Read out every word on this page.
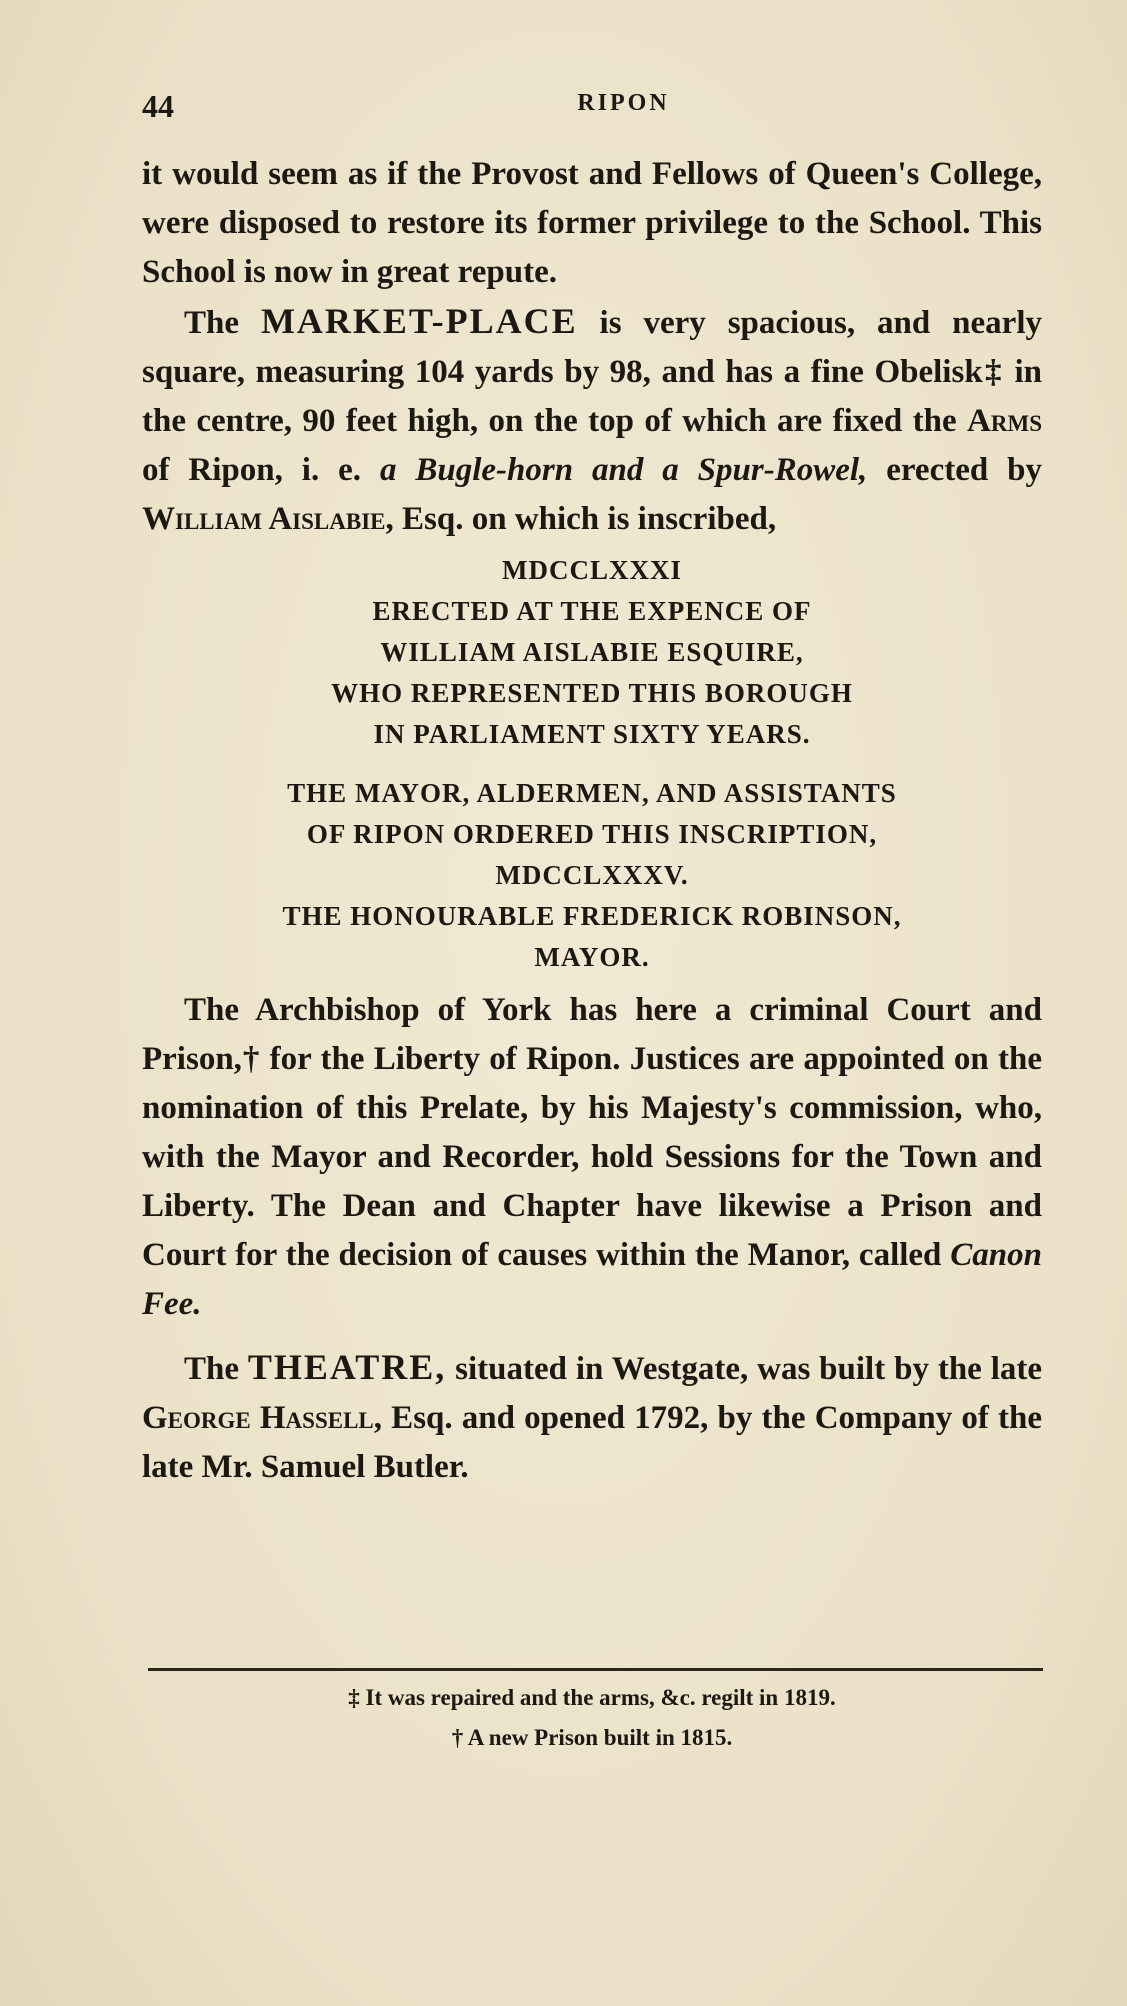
44	RIPON

it would seem as if the Provost and Fellows of Queen's College, were disposed to restore its former privilege to the School. This School is now in great repute.

The MARKET-PLACE is very spacious, and nearly square, measuring 104 yards by 98, and has a fine Obelisk‡ in the centre, 90 feet high, on the top of which are fixed the Arms of Ripon, i. e. a Bugle-horn and a Spur-Rowel, erected by William Aislabie, Esq. on which is inscribed,

MDCCLXXXI
ERECTED AT THE EXPENCE OF
WILLIAM AISLABIE ESQUIRE,
WHO REPRESENTED THIS BOROUGH
IN PARLIAMENT SIXTY YEARS.
THE MAYOR, ALDERMEN, AND ASSISTANTS
OF RIPON ORDERED THIS INSCRIPTION,
MDCCLXXXV.
THE HONOURABLE FREDERICK ROBINSON,
MAYOR.

The Archbishop of York has here a criminal Court and Prison,† for the Liberty of Ripon. Justices are appointed on the nomination of this Prelate, by his Majesty's commission, who, with the Mayor and Recorder, hold Sessions for the Town and Liberty. The Dean and Chapter have likewise a Prison and Court for the decision of causes within the Manor, called Canon Fee.

The THEATRE, situated in Westgate, was built by the late George Hassell, Esq. and opened 1792, by the Company of the late Mr. Samuel Butler.

‡ It was repaired and the arms, &c. regilt in 1819.
† A new Prison built in 1815.
